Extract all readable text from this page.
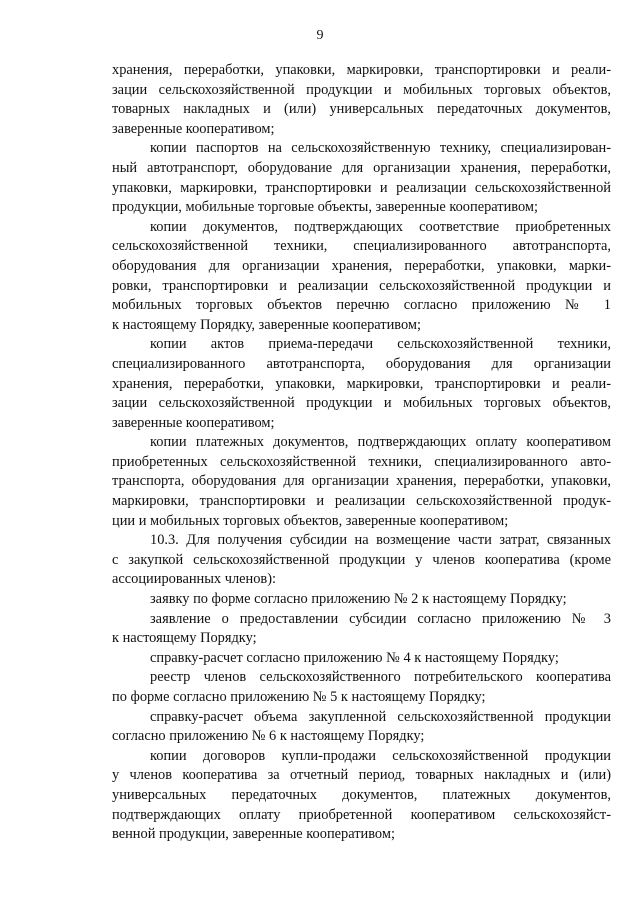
9
хранения, переработки, упаковки, маркировки, транспортировки и реали-
зации сельскохозяйственной продукции и мобильных торговых объектов,
товарных накладных и (или) универсальных передаточных документов,
заверенные кооперативом;
копии паспортов на сельскохозяйственную технику, специализирован-
ный автотранспорт, оборудование для организации хранения, переработки,
упаковки, маркировки, транспортировки и реализации сельскохозяйственной
продукции, мобильные торговые объекты, заверенные кооперативом;
копии документов, подтверждающих соответствие приобретенных
сельскохозяйственной техники, специализированного автотранспорта,
оборудования для организации хранения, переработки, упаковки, марки-
ровки, транспортировки и реализации сельскохозяйственной продукции и
мобильных торговых объектов перечню согласно приложению № 1
к настоящему Порядку, заверенные кооперативом;
копии актов приема-передачи сельскохозяйственной техники,
специализированного автотранспорта, оборудования для организации
хранения, переработки, упаковки, маркировки, транспортировки и реали-
зации сельскохозяйственной продукции и мобильных торговых объектов,
заверенные кооперативом;
копии платежных документов, подтверждающих оплату кооперативом
приобретенных сельскохозяйственной техники, специализированного авто-
транспорта, оборудования для организации хранения, переработки, упаковки,
маркировки, транспортировки и реализации сельскохозяйственной продук-
ции и мобильных торговых объектов, заверенные кооперативом;
10.3. Для получения субсидии на возмещение части затрат, связанных
с закупкой сельскохозяйственной продукции у членов кооператива (кроме
ассоциированных членов):
заявку по форме согласно приложению № 2 к настоящему Порядку;
заявление о предоставлении субсидии согласно приложению № 3
к настоящему Порядку;
справку-расчет согласно приложению № 4 к настоящему Порядку;
реестр членов сельскохозяйственного потребительского кооператива
по форме согласно приложению № 5 к настоящему Порядку;
справку-расчет объема закупленной сельскохозяйственной продукции
согласно приложению № 6 к настоящему Порядку;
копии договоров купли-продажи сельскохозяйственной продукции
у членов кооператива за отчетный период, товарных накладных и (или)
универсальных передаточных документов, платежных документов,
подтверждающих оплату приобретенной кооперативом сельскохозяйст-
венной продукции, заверенные кооперативом;
